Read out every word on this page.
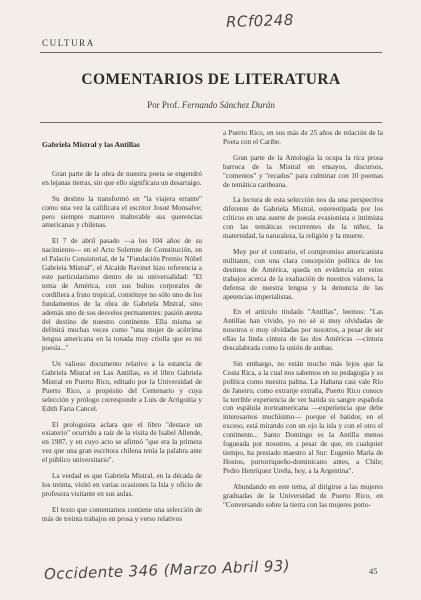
RCf0248
CULTURA
COMENTARIOS DE LITERATURA
Por Prof. Fernando Sánchez Durán
Gabriela Mistral y las Antillas

Gran parte de la obra de nuestra poeta se engendró en lejanas tierras, sin que ello signifícara un desarraigo.

Su destino la transformó en "la viajera errante" como una vez la calificara el escritor Josué Monsalve; pero siempre mantuvo inalterable sus querencias americanas y chilenas.

El 7 de abril pasado —a los 104 años de su nacimiento— en el Acto Solemne de Constitución, en el Palacio Consistorial, de la "Fundación Premio Nóbel Gabriela Mistral", el Alcalde Ravinet hizo referencia a este particularísmo dentro de su universalidad: "El tema de América, con sus bultos corporales de cordillera a fruto tropical, constituye no sólo uno de los fundamentos de la obra de Gabriela Mistral, sino además uno de sus desvelos permanentes: pasión atenta del destino de nuestro continente. Ella misma se definirá muchas veces como "una mujer de acérrima lengua americana en la tonada muy criolla que es mi poesía..."

Un valioso documento relativo a la estancia de Gabriela Mistral en Las Antillas, es el libro Gabriela Mistral en Puerto Rico, editado por la Universidad de Puerto Rico, a propósito del Centenario y cuya selección y prólogo corresponde a Luis de Arrigoitia y Edith Faria Cancel.

El prologuista aclara que el libro "destace un exiaterio" ocurrido a raíz de la visita de Isabel Allende, en 1987, y en cuyo acto se afirmó "que era la primera vez que una gran escritora chilena tenía la palabra ante el público universitario".

La verdad es que Gabriela Mistral, en la década de los treinta, visitó en varias ocasiones la Isla y oficio de profesora visitante en sus aulas.

El texto que comentamos contiene una selección de más de treinta trabajos en prosa y verso relativos

a Puerto Rico, en sus más de 25 años de relación de la Poeta con el Caribe.

Gran parte de la Antología la ocupa la rica prosa barroca de la Mistral en ensayos, discursos, "comentos" y "recados" para culminar con 10 poemas de temática caribeana.

La lectura de esta selección nos da una perspectiva diferente de Gabriela Mistral, estereotipada por los críticos en una suerte de poesía evasionista o intimista con las temáticas recurrentes de la niñez, la maternidad, la naturaleza, la religión y la muerte.

Muy por el contrario, el compromiso americanista militante, con una clara concepción política de los destinos de América, queda en evidencia en estos trabajos acerca de la exaltación de nuestros valores, la defensa de nuestra lengua y la denuncia de las apetencias imperialistas.

En el artículo titulado "Antillas", leemos: "Las Antillas han vivido, yo no sé si muy olvidadas de nosotros o muy olvidadas por nosotros, a pesar de ser ellas la linda cintura de las dos Américas —cintura descalabrada como la unión de ambas.

Sin embargo, no están mucho más lejos que la Costa Rica, a la cual nos sabemos en su pedagogía y su política como nuestra palma. La Habana casi vale Río de Janeiro, como extranje extraña, Puerto Rico conoce la terrible experiencia de ver batida su sangre española con espátula norteamericana —experiencia que debe interesarnos muchísimo— porque el batidor, en el exceso, está mirando con un ojo la isla y con el otro el continente... Santo Domingo es la Antilla menos fogueada por nosotros, a pesar de que, en cualquier tiempo, ha prestado maestro al Sur: Eugenio María de Hostos, portorriqueño-dominicano antes, a Chile; Pedro Henríquez Ureña, hoy, a la Argentina".

Abundando en este tema, al dirigirse a las mujeres graduadas de la Universidad de Puerto Rico, en "Conversando sobre la tierra con las mujeres porto-

Occidente 346 (Marzo Abril 93)	45
